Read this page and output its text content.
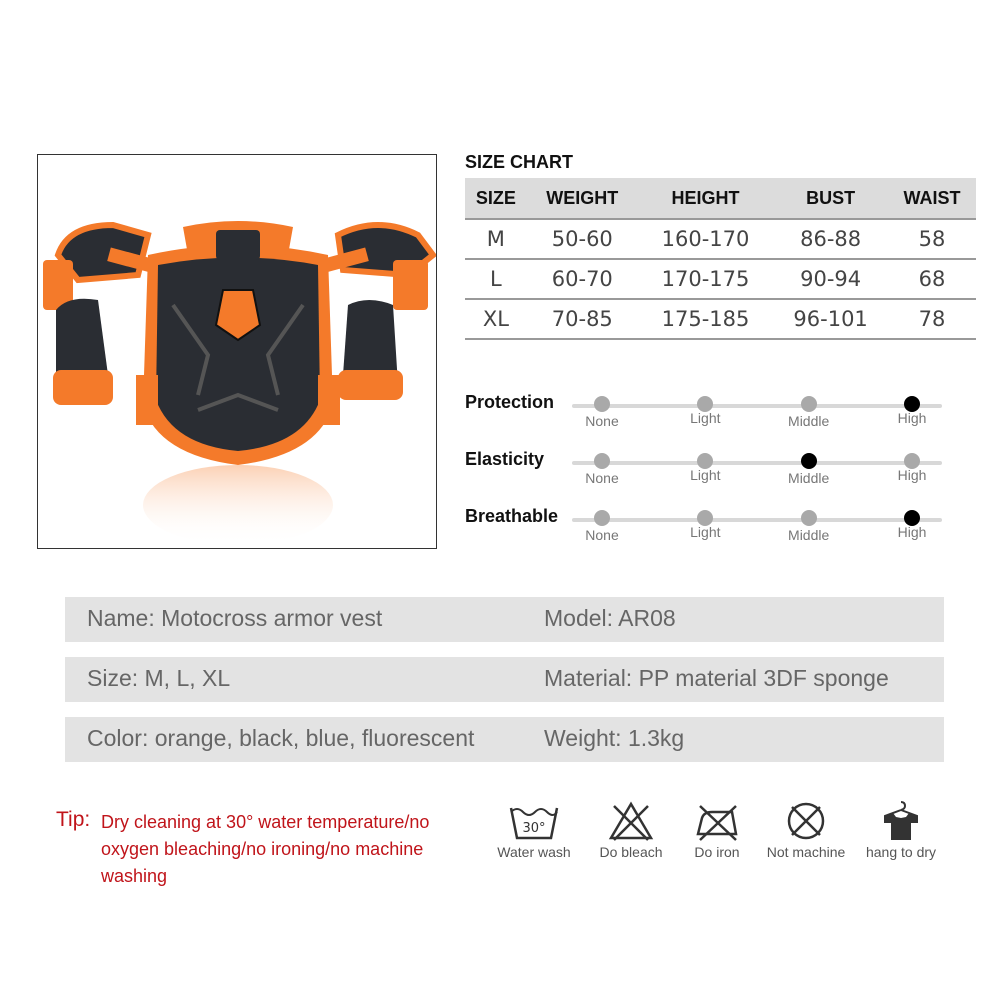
SIZE CHART
SIZE	WEIGHT	HEIGHT	BUST	WAIST
M	50-60	160-170	86-88	58
L	60-70	170-175	90-94	68
XL	70-85	175-185	96-101	78
Protection
None	Light	Middle	High
Elasticity
None	Light	Middle	High
Breathable
None	Light	Middle	High
Name: Motocross armor vest	Model: AR08
Size: M, L, XL	Material: PP material 3DF sponge
Color: orange, black, blue, fluorescent	Weight: 1.3kg
Tip: Dry cleaning at 30° water temperature/no oxygen bleaching/no ironing/no machine washing
30°
Water wash Do bleach	Do iron	Not machine	hang to dry
